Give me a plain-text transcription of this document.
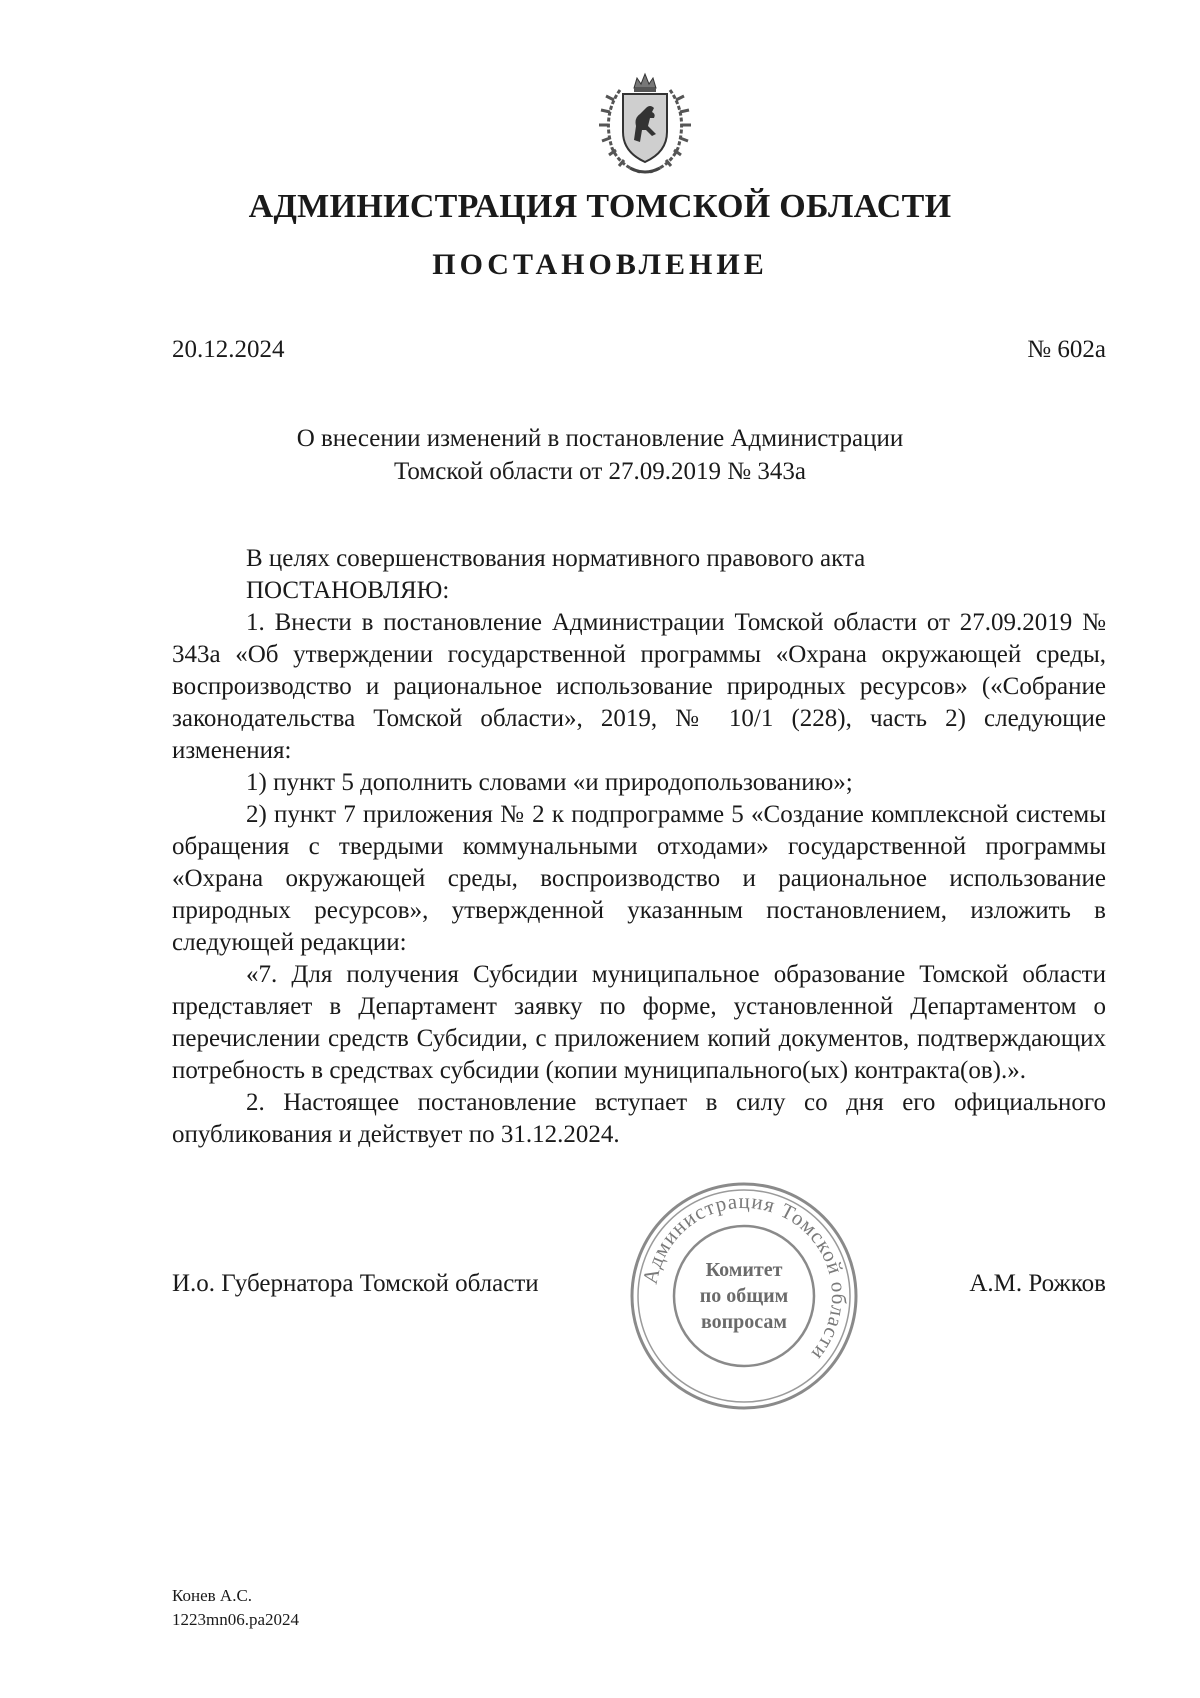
АДМИНИСТРАЦИЯ ТОМСКОЙ ОБЛАСТИ
ПОСТАНОВЛЕНИЕ
20.12.2024	№ 602а
О внесении изменений в постановление Администрации
Томской области от 27.09.2019 № 343а

В целях совершенствования нормативного правового акта

ПОСТАНОВЛЯЮ:

1. Внести в постановление Администрации Томской области от 27.09.2019 № 343а «Об утверждении государственной программы «Охрана окружающей среды, воспроизводство и рациональное использование природных ресурсов» («Собрание законодательства Томской области», 2019, № 10/1 (228), часть 2) следующие изменения:

1) пункт 5 дополнить словами «и природопользованию»;

2) пункт 7 приложения № 2 к подпрограмме 5 «Создание комплексной системы обращения с твердыми коммунальными отходами» государственной программы «Охрана окружающей среды, воспроизводство и рациональное использование природных ресурсов», утвержденной указанным постановлением, изложить в следующей редакции:

«7. Для получения Субсидии муниципальное образование Томской области представляет в Департамент заявку по форме, установленной Департаментом о перечислении средств Субсидии, с приложением копий документов, подтверждающих потребность в средствах субсидии (копии муниципального(ых) контракта(ов).».

2. Настоящее постановление вступает в силу со дня его официального опубликования и действует по 31.12.2024.

И.о. Губернатора Томской области	А.М. Рожков
Администрация Томской области
Комитет
по общим
вопросам
Конев А.С.
1223mn06.pa2024
